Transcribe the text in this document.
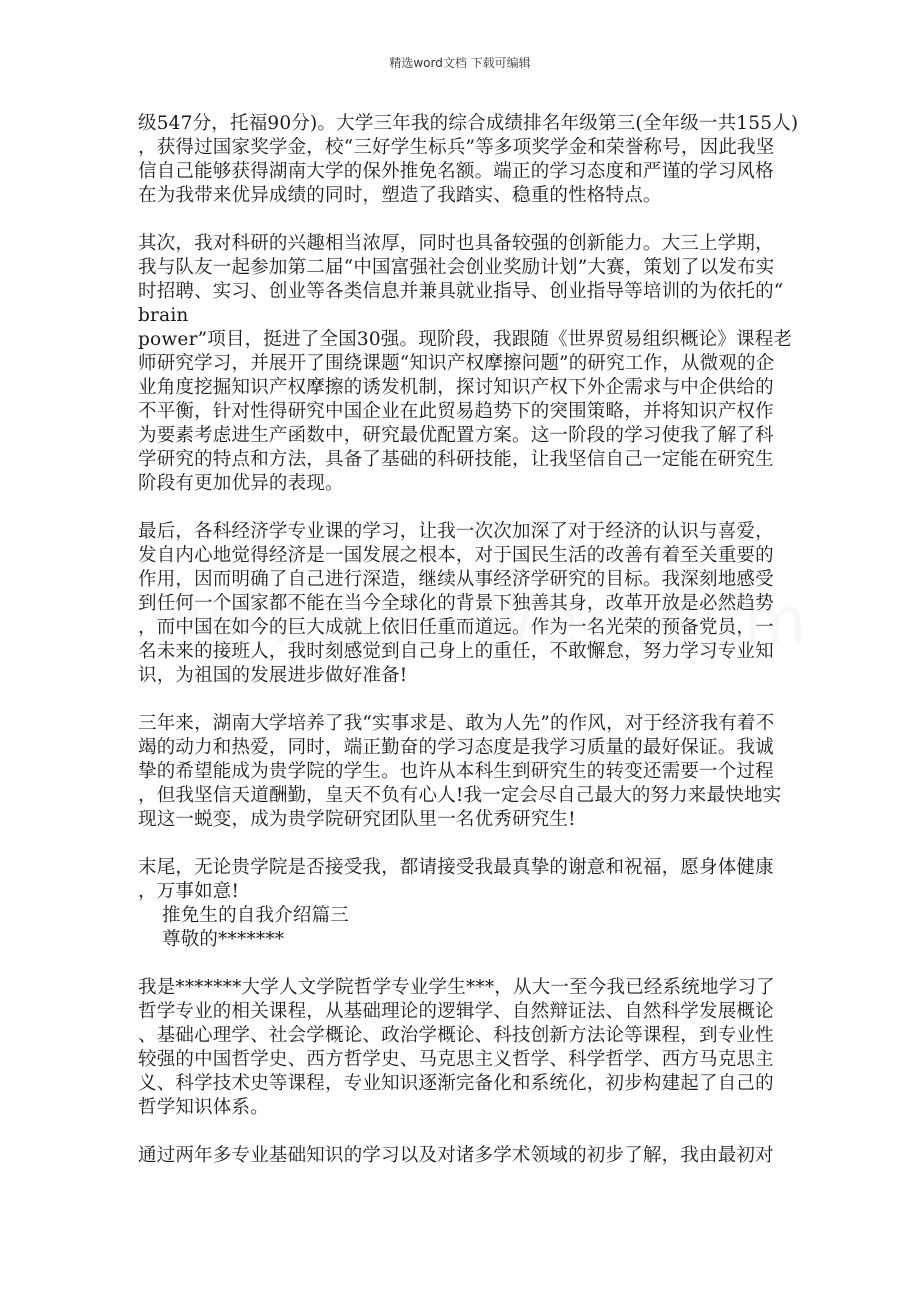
精选word文档 下载可编辑
级547分，托福90分)。大学三年我的综合成绩排名年级第三(全年级一共155人)
，获得过国家奖学金，校“三好学生标兵”等多项奖学金和荣誉称号，因此我坚
信自己能够获得湖南大学的保外推免名额。端正的学习态度和严谨的学习风格
在为我带来优异成绩的同时，塑造了我踏实、稳重的性格特点。
其次，我对科研的兴趣相当浓厚，同时也具备较强的创新能力。大三上学期，
我与队友一起参加第二届“中国富强社会创业奖励计划”大赛，策划了以发布实
时招聘、实习、创业等各类信息并兼具就业指导、创业指导等培训的为依托的“
brain
power”项目，挺进了全国30强。现阶段，我跟随《世界贸易组织概论》课程老
师研究学习，并展开了围绕课题“知识产权摩擦问题”的研究工作，从微观的企
业角度挖掘知识产权摩擦的诱发机制，探讨知识产权下外企需求与中企供给的
不平衡，针对性得研究中国企业在此贸易趋势下的突围策略，并将知识产权作
为要素考虑进生产函数中，研究最优配置方案。这一阶段的学习使我了解了科
学研究的特点和方法，具备了基础的科研技能，让我坚信自己一定能在研究生
阶段有更加优异的表现。
最后，各科经济学专业课的学习，让我一次次加深了对于经济的认识与喜爱，
发自内心地觉得经济是一国发展之根本，对于国民生活的改善有着至关重要的
作用，因而明确了自己进行深造，继续从事经济学研究的目标。我深刻地感受
到任何一个国家都不能在当今全球化的背景下独善其身，改革开放是必然趋势
，而中国在如今的巨大成就上依旧任重而道远。作为一名光荣的预备党员，一
名未来的接班人，我时刻感觉到自己身上的重任，不敢懈怠，努力学习专业知
识，为祖国的发展进步做好准备!
三年来，湖南大学培养了我“实事求是、敢为人先”的作风，对于经济我有着不
竭的动力和热爱，同时，端正勤奋的学习态度是我学习质量的最好保证。我诚
挚的希望能成为贵学院的学生。也许从本科生到研究生的转变还需要一个过程
，但我坚信天道酬勤，皇天不负有心人!我一定会尽自己最大的努力来最快地实
现这一蜕变，成为贵学院研究团队里一名优秀研究生!
末尾，无论贵学院是否接受我，都请接受我最真挚的谢意和祝福，愿身体健康
，万事如意!
推免生的自我介绍篇三
尊敬的*******
我是*******大学人文学院哲学专业学生***，从大一至今我已经系统地学习了
哲学专业的相关课程，从基础理论的逻辑学、自然辩证法、自然科学发展概论
、基础心理学、社会学概论、政治学概论、科技创新方法论等课程，到专业性
较强的中国哲学史、西方哲学史、马克思主义哲学、科学哲学、西方马克思主
义、科学技术史等课程，专业知识逐渐完备化和系统化，初步构建起了自己的
哲学知识体系。
通过两年多专业基础知识的学习以及对诸多学术领域的初步了解，我由最初对
